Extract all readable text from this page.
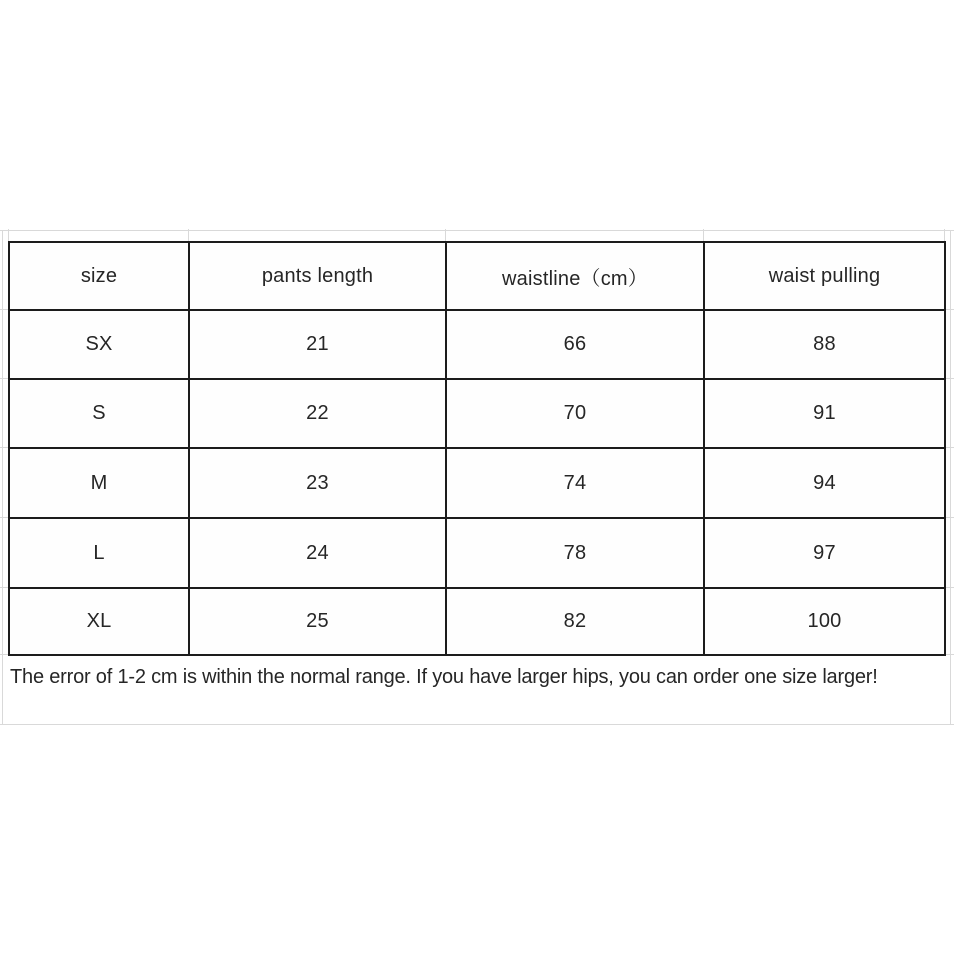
size	pants length	waistline（cm）	waist pulling
SX	21	66	88
S	22	70	91
M	23	74	94
L	24	78	97
XL	25	82	100
The error of 1-2 cm is within the normal range. If you have larger hips, you can order one size larger!
